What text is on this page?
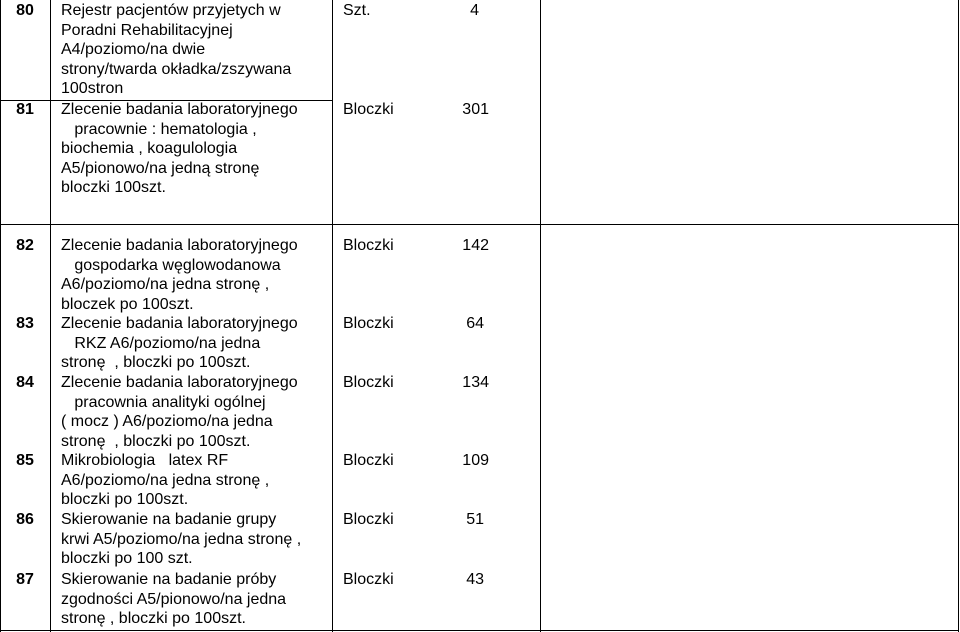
80	Rejestr pacjentów przyjetych w
Poradni Rehabilitacyjnej
A4/poziomo/na dwie
strony/twarda okładka/zszywana
100stron
Szt.	4
81	Zlecenie badania laboratoryjnego
pracownie : hematologia ,
biochemia , koagulologia
A5/pionowo/na jedną stronę
bloczki 100szt.
Bloczki	301
82	Zlecenie badania laboratoryjnego
gospodarka węglowodanowa
A6/poziomo/na jedna stronę ,
bloczek po 100szt.
Bloczki	142
83	Zlecenie badania laboratoryjnego
RKZ A6/poziomo/na jedna
stronę  , bloczki po 100szt.
Bloczki	64
84	Zlecenie badania laboratoryjnego
pracownia analityki ogólnej
( mocz ) A6/poziomo/na jedna
stronę  , bloczki po 100szt.
Bloczki	134
85	Mikrobiologia   latex RF
A6/poziomo/na jedna stronę ,
bloczki po 100szt.
Bloczki	109
86	Skierowanie na badanie grupy
krwi A5/poziomo/na jedna stronę ,
bloczki po 100 szt.
Bloczki	51
87	Skierowanie na badanie próby
zgodności A5/pionowo/na jedna
stronę , bloczki po 100szt.
Bloczki	43
